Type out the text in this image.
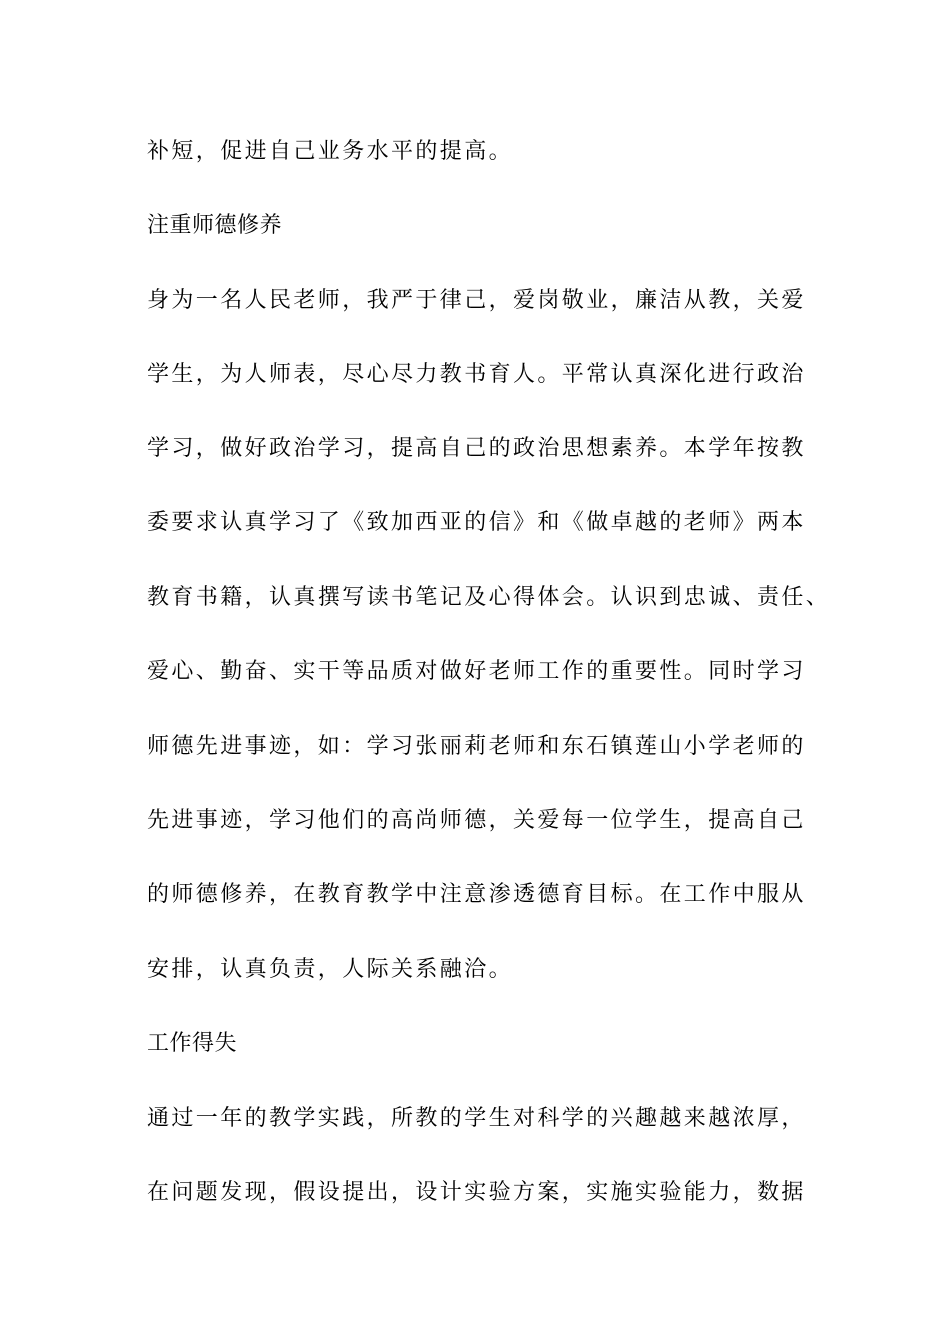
补短，促进自己业务水平的提高。

注重师德修养

身为一名人民老师，我严于律己，爱岗敬业，廉洁从教，关爱

学生，为人师表，尽心尽力教书育人。平常认真深化进行政治

学习，做好政治学习，提高自己的政治思想素养。本学年按教

委要求认真学习了《致加西亚的信》和《做卓越的老师》两本

教育书籍，认真撰写读书笔记及心得体会。认识到忠诚、责任、

爱心、勤奋、实干等品质对做好老师工作的重要性。同时学习

师德先进事迹，如：学习张丽莉老师和东石镇莲山小学老师的

先进事迹，学习他们的高尚师德，关爱每一位学生，提高自己

的师德修养，在教育教学中注意渗透德育目标。在工作中服从

安排，认真负责，人际关系融洽。

工作得失

通过一年的教学实践，所教的学生对科学的兴趣越来越浓厚，

在问题发现，假设提出，设计实验方案，实施实验能力，数据
